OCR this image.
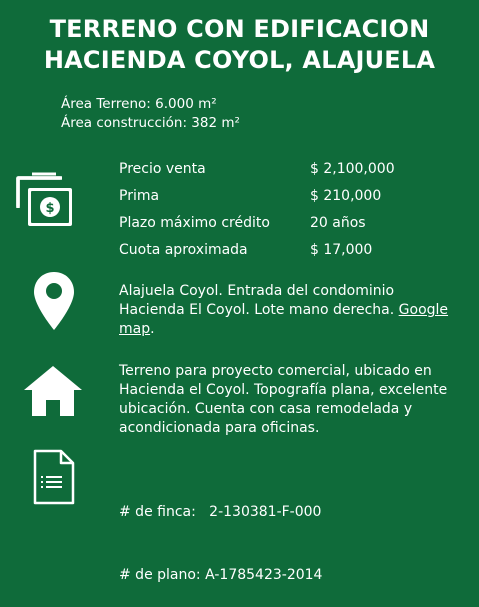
TERRENO CON EDIFICACION
HACIENDA COYOL, ALAJUELA
Área Terreno: 6.000 m²
Área construcción: 382 m²
$
Precio venta	$ 2,100,000
Prima	$ 210,000
Plazo máximo crédito	20 años
Cuota aproximada	$ 17,000
Alajuela Coyol. Entrada del condominio Hacienda El Coyol. Lote mano derecha. Google map.
Terreno para proyecto comercial, ubicado en Hacienda el Coyol. Topografía plana, excelente ubicación. Cuenta con casa remodelada y acondicionada para oficinas.

# de finca:   2-130381-F-000

# de plano: A-1785423-2014
